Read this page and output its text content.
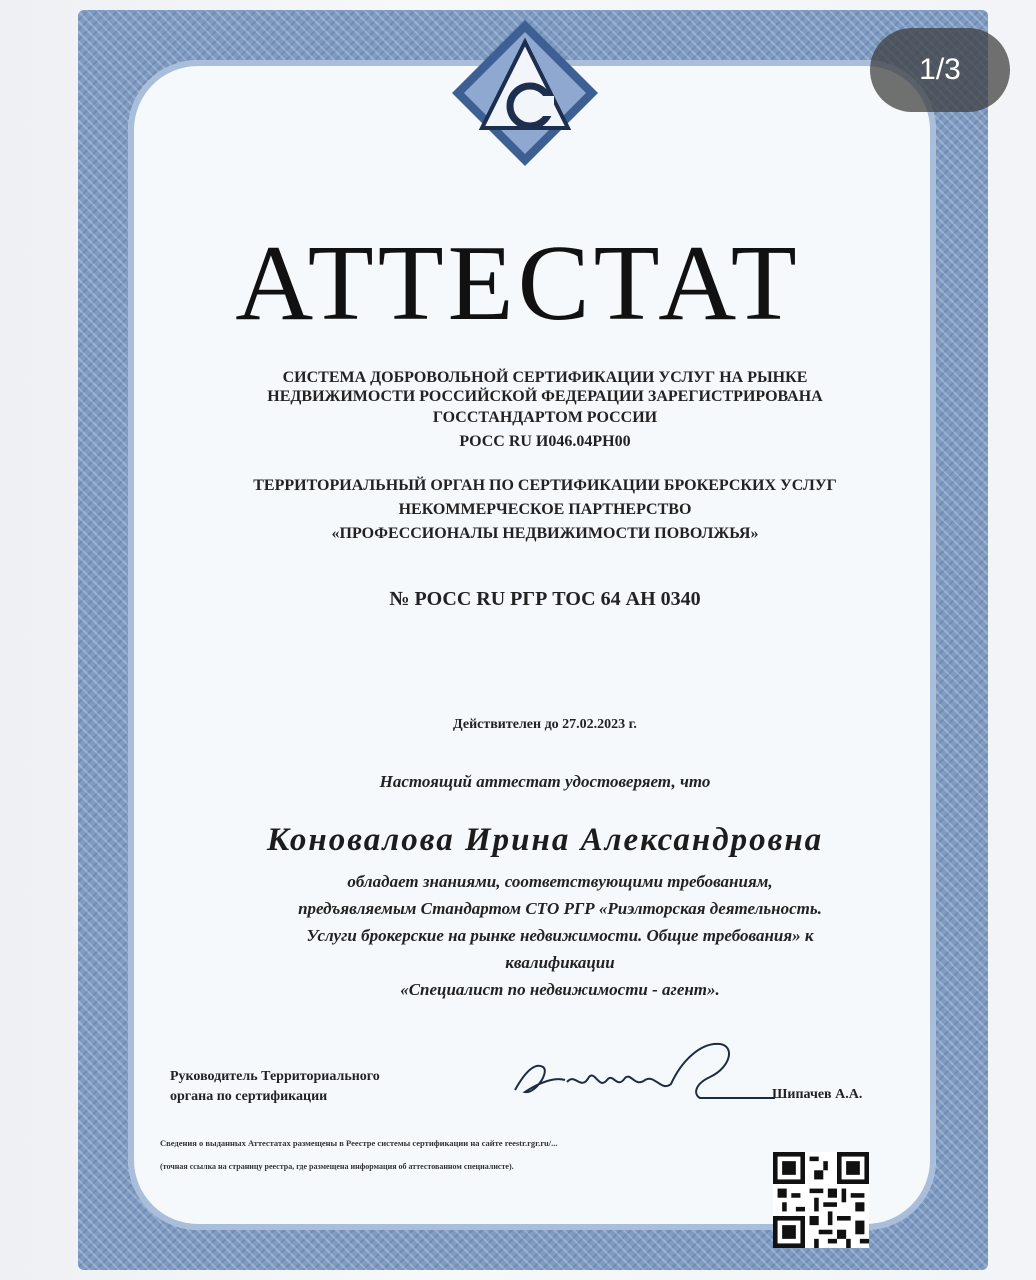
АТТЕСТАТ
СИСТЕМА ДОБРОВОЛЬНОЙ СЕРТИФИКАЦИИ УСЛУГ НА РЫНКЕ
НЕДВИЖИМОСТИ РОССИЙСКОЙ ФЕДЕРАЦИИ ЗАРЕГИСТРИРОВАНА
ГОССТАНДАРТОМ РОССИИ
РОСС RU И046.04РН00
ТЕРРИТОРИАЛЬНЫЙ ОРГАН ПО СЕРТИФИКАЦИИ БРОКЕРСКИХ УСЛУГ
НЕКОММЕРЧЕСКОЕ ПАРТНЕРСТВО
«ПРОФЕССИОНАЛЫ НЕДВИЖИМОСТИ ПОВОЛЖЬЯ»
№ РОСС RU РГР ТОС 64 АН 0340
Действителен до 27.02.2023 г.
Настоящий аттестат удостоверяет, что
Коновалова Ирина Александровна
обладает знаниями, соответствующими требованиям,
предъявляемым Стандартом СТО РГР «Риэлторская деятельность.
Услуги брокерские на рынке недвижимости. Общие требования» к
квалификации
«Специалист по недвижимости - агент».
Руководитель Территориального
органа по сертификации	Шипачев А.А.
Сведения о выданных Аттестатах размещены в Реестре системы сертификации на сайте reestr.rgr.ru/...
(точная ссылка на страницу реестра, где размещена информация об аттестованном специалисте).
1/3
